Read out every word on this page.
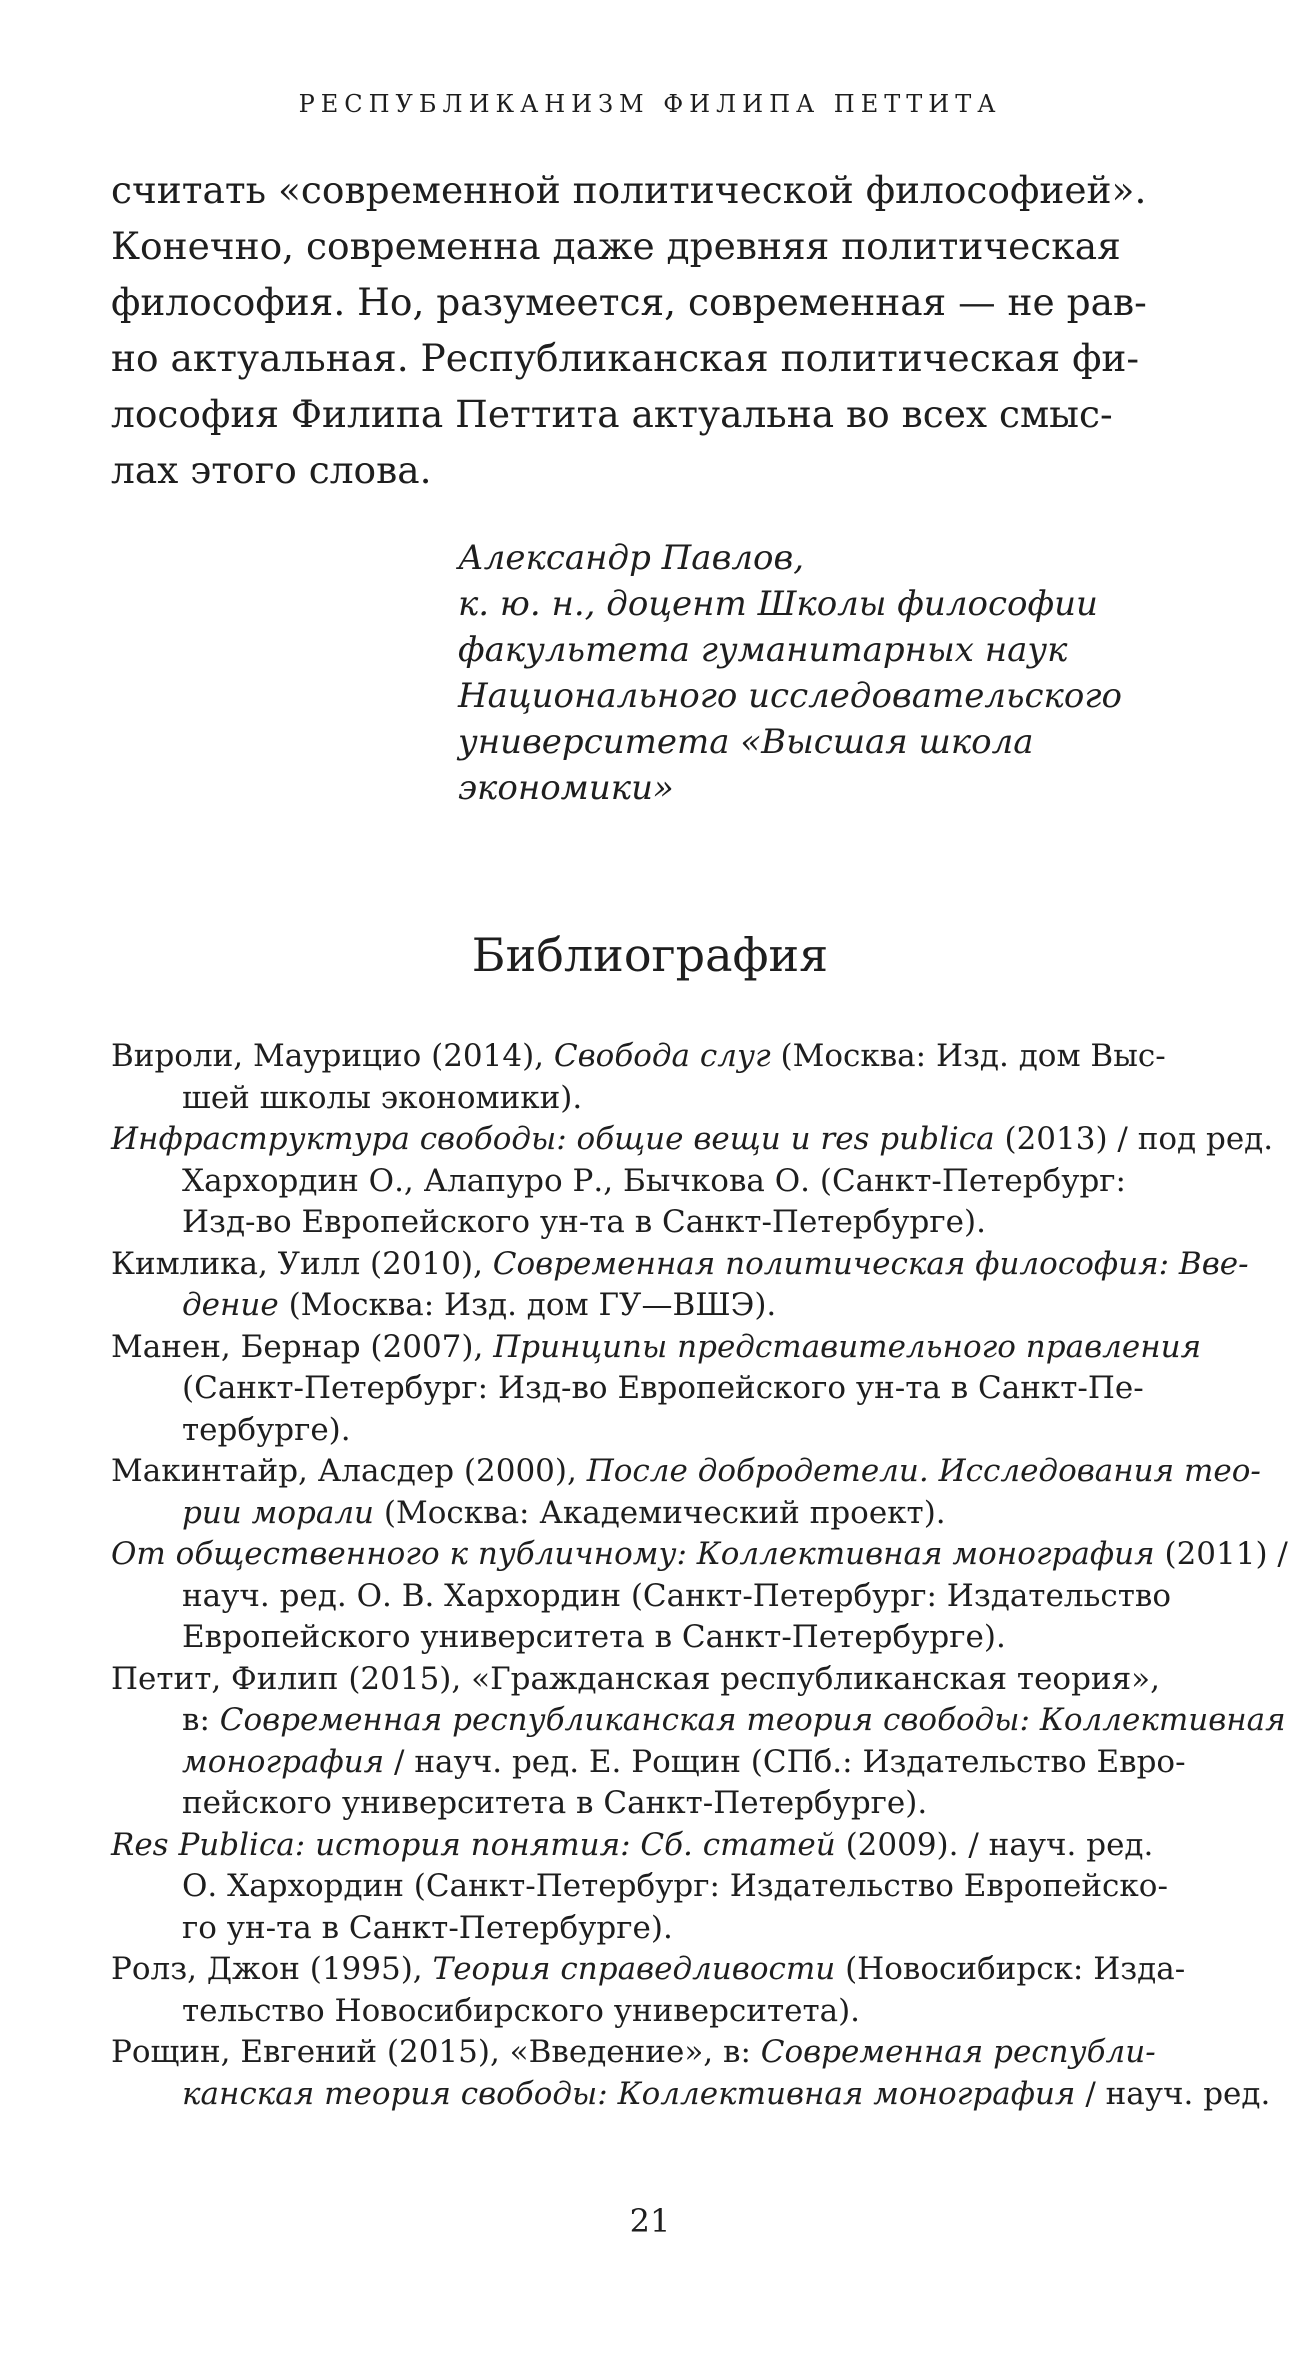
РЕСПУБЛИКАНИЗМ ФИЛИПА ПЕТТИТА
считать «современной политической философией».
Конечно, современна даже древняя политическая
философия. Но, разумеется, современная — не рав-
но актуальная. Республиканская политическая фи-
лософия Филипа Петтита актуальна во всех смыс-
лах этого слова.
Александр Павлов,
к. ю. н., доцент Школы философии
факультета гуманитарных наук
Национального исследовательского
университета «Высшая школа
экономики»
Библиография
Вироли, Маурицио (2014), Свобода слуг (Москва: Изд. дом Выс-
шей школы экономики).
Инфраструктура свободы: общие вещи и res publica (2013) / под ред.
Хархордин О., Алапуро Р., Бычкова О. (Санкт-Петербург:
Изд-во Европейского ун-та в Санкт-Петербурге).
Кимлика, Уилл (2010), Современная политическая философия: Вве-
дение (Москва: Изд. дом ГУ—ВШЭ).
Манен, Бернар (2007), Принципы представительного правления
(Санкт-Петербург: Изд-во Европейского ун-та в Санкт-Пе-
тербурге).
Макинтайр, Аласдер (2000), После добродетели. Исследования тео-
рии морали (Москва: Академический проект).
От общественного к публичному: Коллективная монография (2011) /
науч. ред. О. В. Хархордин (Санкт-Петербург: Издательство
Европейского университета в Санкт-Петербурге).
Петит, Филип (2015), «Гражданская республиканская теория»,
в: Современная республиканская теория свободы: Коллективная
монография / науч. ред. Е. Рощин (СПб.: Издательство Евро-
пейского университета в Санкт-Петербурге).
Res Publica: история понятия: Сб. статей (2009). / науч. ред.
О. Хархордин (Санкт-Петербург: Издательство Европейско-
го ун-та в Санкт-Петербурге).
Ролз, Джон (1995), Теория справедливости (Новосибирск: Изда-
тельство Новосибирского университета).
Рощин, Евгений (2015), «Введение», в: Современная республи-
канская теория свободы: Коллективная монография / науч. ред.
21
